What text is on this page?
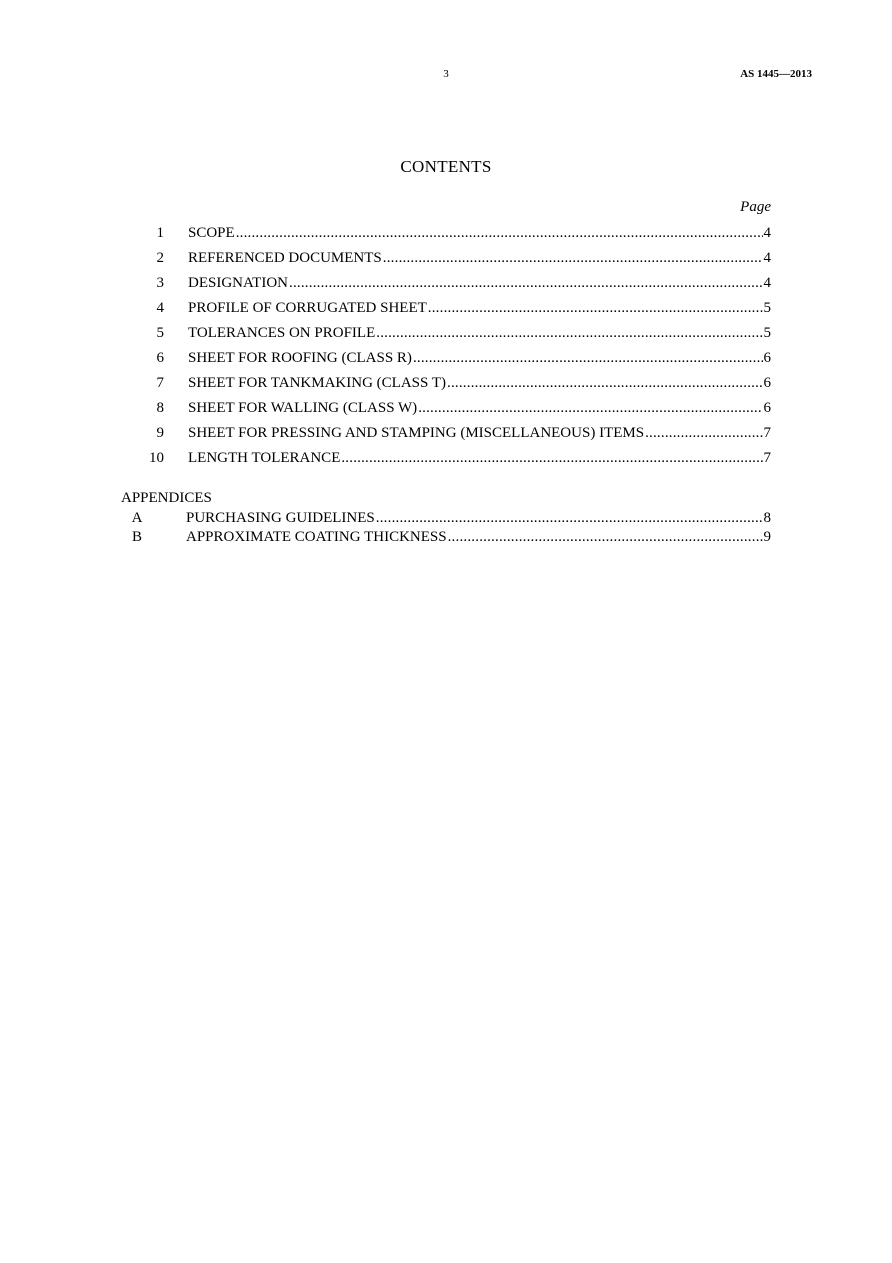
3	AS 1445—2013
CONTENTS
Page
1 SCOPE .....	4
2 REFERENCED DOCUMENTS .....	4
3 DESIGNATION .....	4
4 PROFILE OF CORRUGATED SHEET .....	5
5 TOLERANCES ON PROFILE .....	5
6 SHEET FOR ROOFING (CLASS R) .....	6
7 SHEET FOR TANKMAKING (CLASS T) .....	6
8 SHEET FOR WALLING (CLASS W) .....	6
9 SHEET FOR PRESSING AND STAMPING (MISCELLANEOUS) ITEMS .....	7
10 LENGTH TOLERANCE .....	7
APPENDICES
A	PURCHASING GUIDELINES .....	8
B	APPROXIMATE COATING THICKNESS .....	9
